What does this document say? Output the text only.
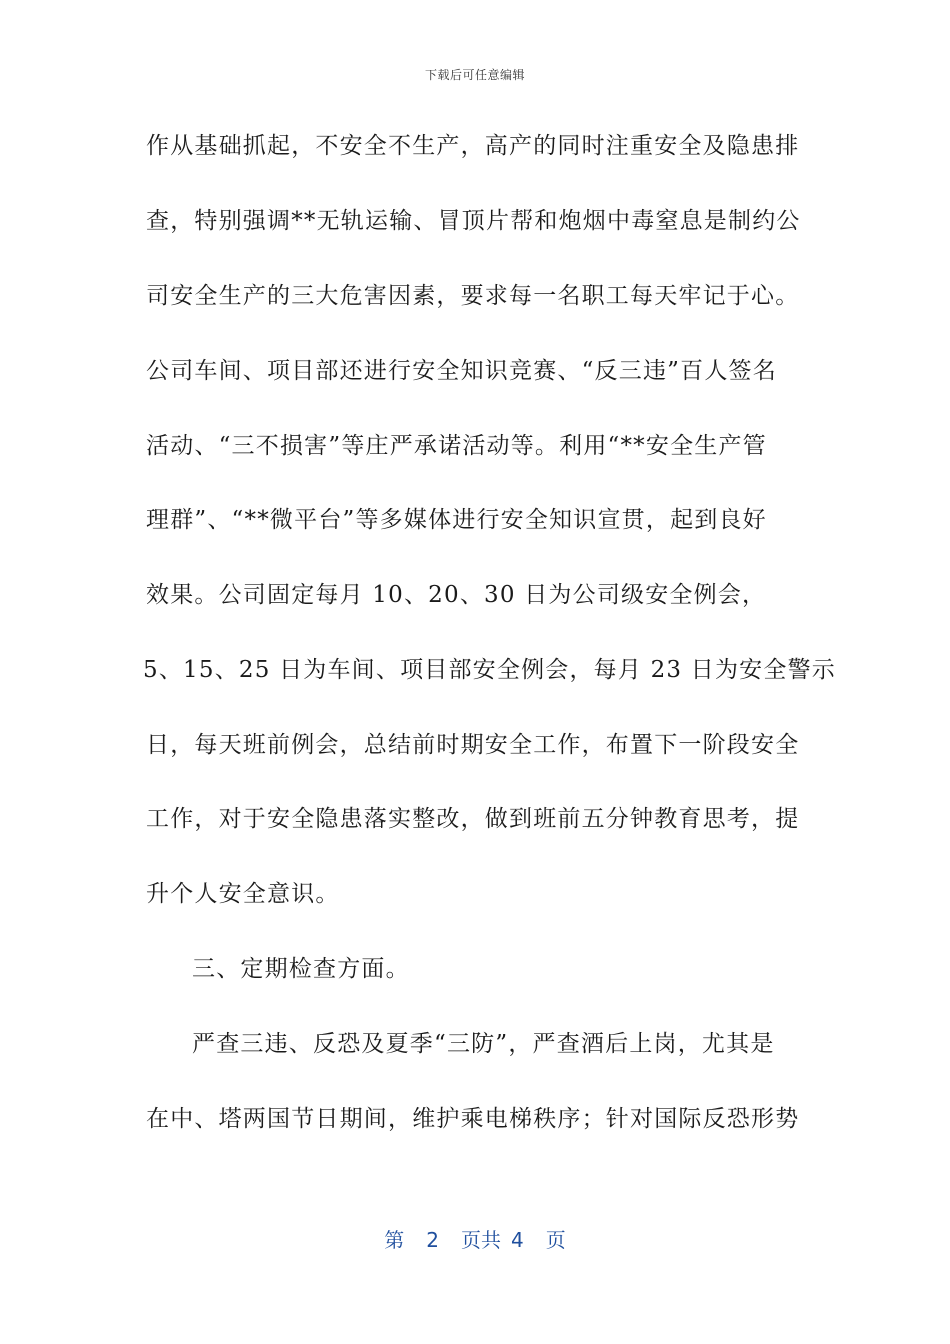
下载后可任意编辑
作从基础抓起，不安全不生产，高产的同时注重安全及隐患排
查，特别强调**无轨运输、冒顶片帮和炮烟中毒窒息是制约公
司安全生产的三大危害因素，要求每一名职工每天牢记于心。
公司车间、项目部还进行安全知识竞赛、“反三违”百人签名
活动、“三不损害”等庄严承诺活动等。利用“**安全生产管
理群”、“**微平台”等多媒体进行安全知识宣贯，起到良好
效果。公司固定每月 10、20、30 日为公司级安全例会，
5、15、25 日为车间、项目部安全例会，每月 23 日为安全警示
日，每天班前例会，总结前时期安全工作，布置下一阶段安全
工作，对于安全隐患落实整改，做到班前五分钟教育思考，提
升个人安全意识。
三、定期检查方面。
严查三违、反恐及夏季“三防”，严查酒后上岗，尤其是
在中、塔两国节日期间，维护乘电梯秩序；针对国际反恐形势
第 2 页共 4 页
